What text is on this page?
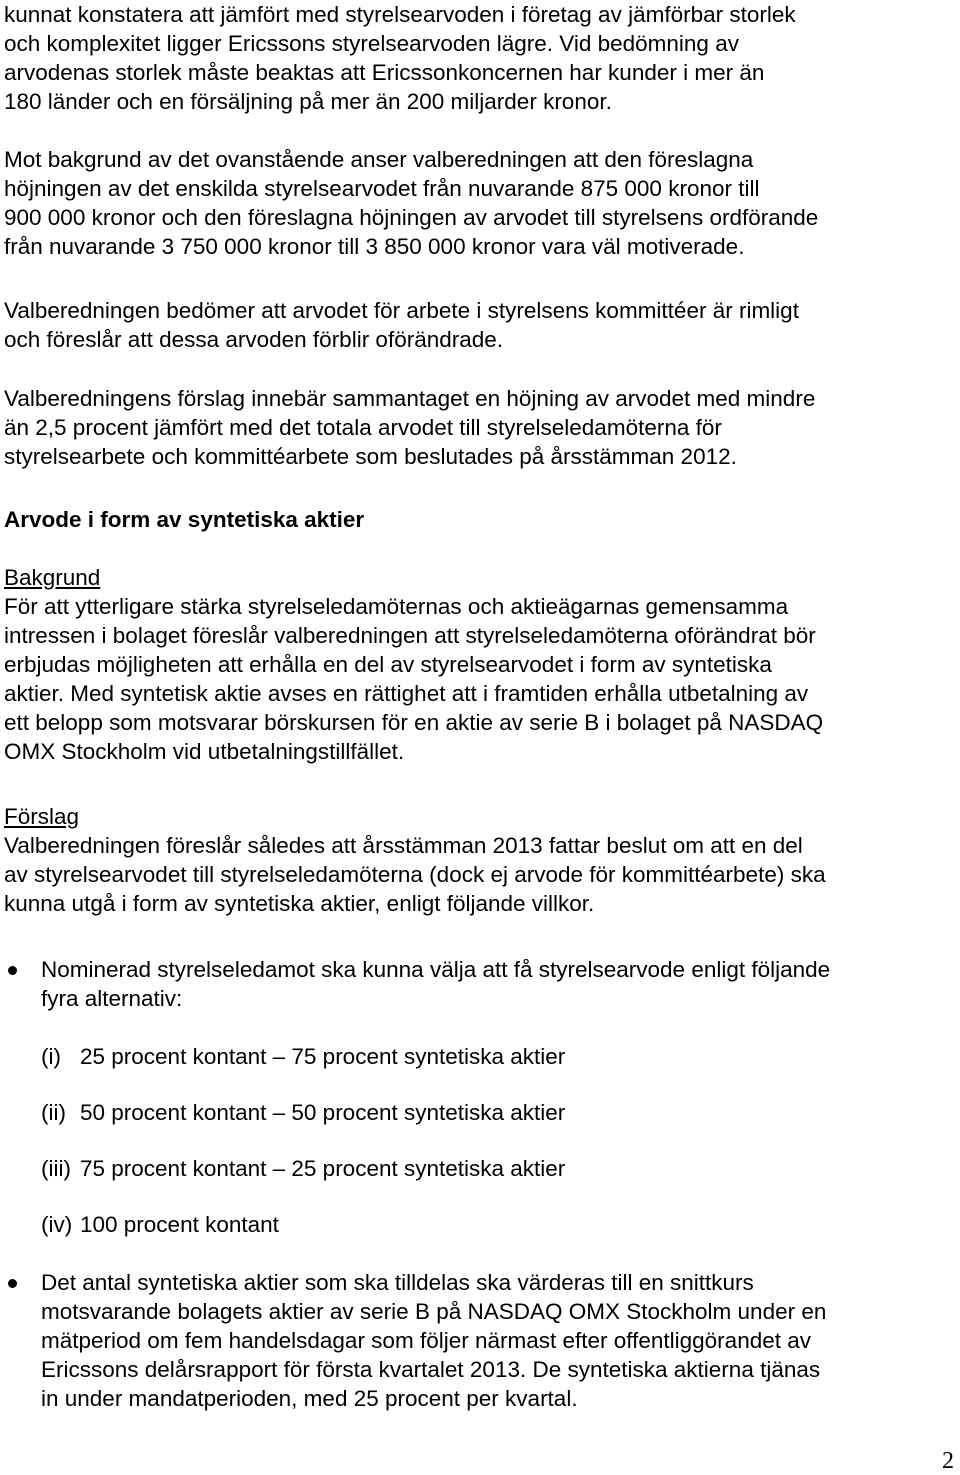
kunnat konstatera att jämfört med styrelsearvoden i företag av jämförbar storlek
och komplexitet ligger Ericssons styrelsearvoden lägre. Vid bedömning av
arvodenas storlek måste beaktas att Ericssonkoncernen har kunder i mer än
180 länder och en försäljning på mer än 200 miljarder kronor.
Mot bakgrund av det ovanstående anser valberedningen att den föreslagna
höjningen av det enskilda styrelsearvodet från nuvarande 875 000 kronor till
900 000 kronor och den föreslagna höjningen av arvodet till styrelsens ordförande
från nuvarande 3 750 000 kronor till 3 850 000 kronor vara väl motiverade.
Valberedningen bedömer att arvodet för arbete i styrelsens kommittéer är rimligt
och föreslår att dessa arvoden förblir oförändrade.
Valberedningens förslag innebär sammantaget en höjning av arvodet med mindre
än 2,5 procent jämfört med det totala arvodet till styrelseledamöterna för
styrelsearbete och kommittéarbete som beslutades på årsstämman 2012.
Arvode i form av syntetiska aktier
Bakgrund
För att ytterligare stärka styrelseledamöternas och aktieägarnas gemensamma
intressen i bolaget föreslår valberedningen att styrelseledamöterna oförändrat bör
erbjudas möjligheten att erhålla en del av styrelsearvodet i form av syntetiska
aktier. Med syntetisk aktie avses en rättighet att i framtiden erhålla utbetalning av
ett belopp som motsvarar börskursen för en aktie av serie B i bolaget på NASDAQ
OMX Stockholm vid utbetalningstillfället.
Förslag
Valberedningen föreslår således att årsstämman 2013 fattar beslut om att en del
av styrelsearvodet till styrelseledamöterna (dock ej arvode för kommittéarbete) ska
kunna utgå i form av syntetiska aktier, enligt följande villkor.
Nominerad styrelseledamot ska kunna välja att få styrelsearvode enligt följande
fyra alternativ:
(i) 25 procent kontant – 75 procent syntetiska aktier
(ii) 50 procent kontant – 50 procent syntetiska aktier
(iii) 75 procent kontant – 25 procent syntetiska aktier
(iv) 100 procent kontant
Det antal syntetiska aktier som ska tilldelas ska värderas till en snittkurs
motsvarande bolagets aktier av serie B på NASDAQ OMX Stockholm under en
mätperiod om fem handelsdagar som följer närmast efter offentliggörandet av
Ericssons delårsrapport för första kvartalet 2013. De syntetiska aktierna tjänas
in under mandatperioden, med 25 procent per kvartal.
2
